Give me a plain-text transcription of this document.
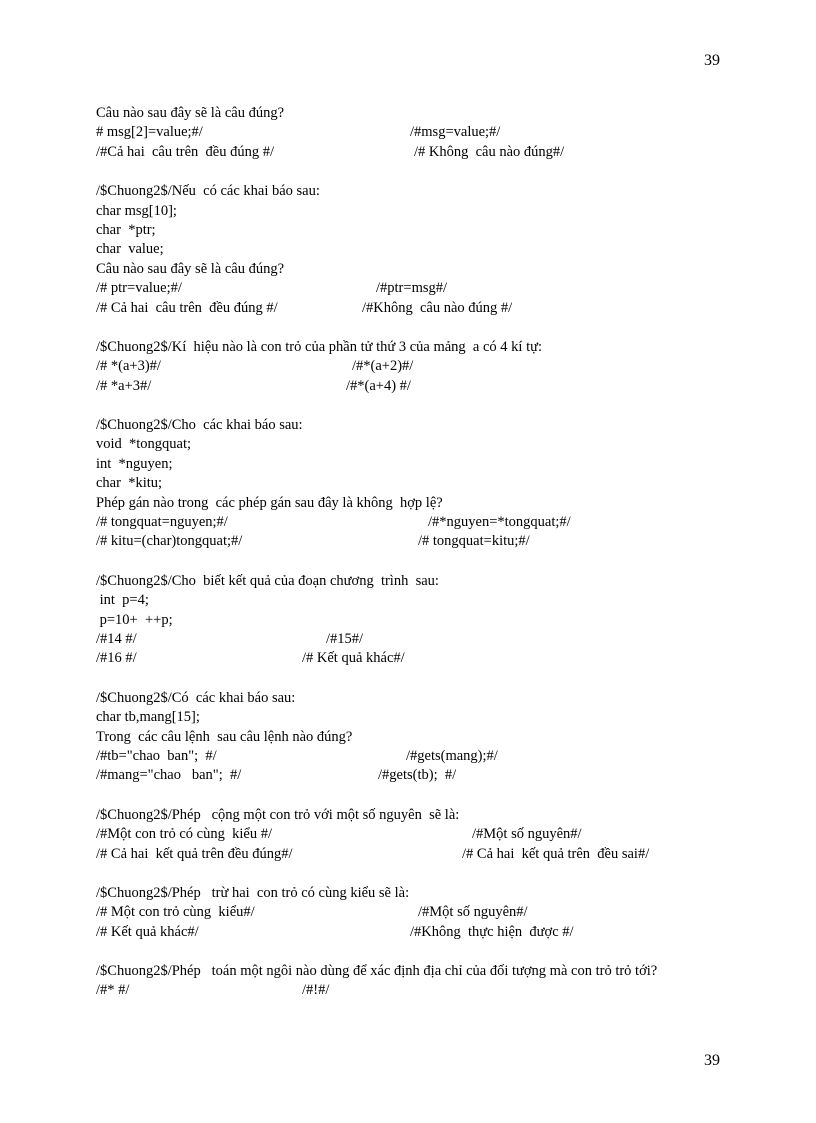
39
Câu nào sau đây sẽ là câu đúng?
# msg[2]=value;#/	/#msg=value;#/
/#Cả hai  câu trên  đều đúng #/	/# Không  câu nào đúng#/
/$Chuong2$/Nếu  có các khai báo sau:
char msg[10];
char  *ptr;
char  value;
Câu nào sau đây sẽ là câu đúng?
/# ptr=value;#/	/#ptr=msg#/
/# Cả hai  câu trên  đều đúng #/	/#Không  câu nào đúng #/
/$Chuong2$/Kí  hiệu nào là con trỏ của phần tử thứ 3 của mảng  a có 4 kí tự:
/# *(a+3)#/	/#*(a+2)#/
/# *a+3#/	/#*(a+4) #/
/$Chuong2$/Cho  các khai báo sau:
void  *tongquat;
int  *nguyen;
char  *kitu;
Phép gán nào trong  các phép gán sau đây là không  hợp lệ?
/# tongquat=nguyen;#/	/#*nguyen=*tongquat;#/
/# kitu=(char)tongquat;#/	/# tongquat=kitu;#/
/$Chuong2$/Cho  biết kết quả của đoạn chương  trình  sau:
int  p=4;
p=10+  ++p;
/#14 #/	/#15#/
/#16 #/	/# Kết quả khác#/
/$Chuong2$/Có  các khai báo sau:
char tb,mang[15];
Trong  các câu lệnh  sau câu lệnh nào đúng?
/#tb="chao  ban";  #/	/#gets(mang);#/
/#mang="chao   ban";  #/	/#gets(tb);  #/
/$Chuong2$/Phép   cộng một con trỏ với một số nguyên  sẽ là:
/#Một con trỏ có cùng  kiểu #/	/#Một số nguyên#/
/# Cả hai  kết quả trên đều đúng#/	/# Cả hai  kết quả trên  đều sai#/
/$Chuong2$/Phép   trừ hai  con trỏ có cùng kiểu sẽ là:
/# Một con trỏ cùng  kiểu#/	/#Một số nguyên#/
/# Kết quả khác#/	/#Không  thực hiện  được #/
/$Chuong2$/Phép   toán một ngôi nào dùng để xác định địa chỉ của đối tượng mà con trỏ trỏ tới?
/#* #/	/#!#/
39
